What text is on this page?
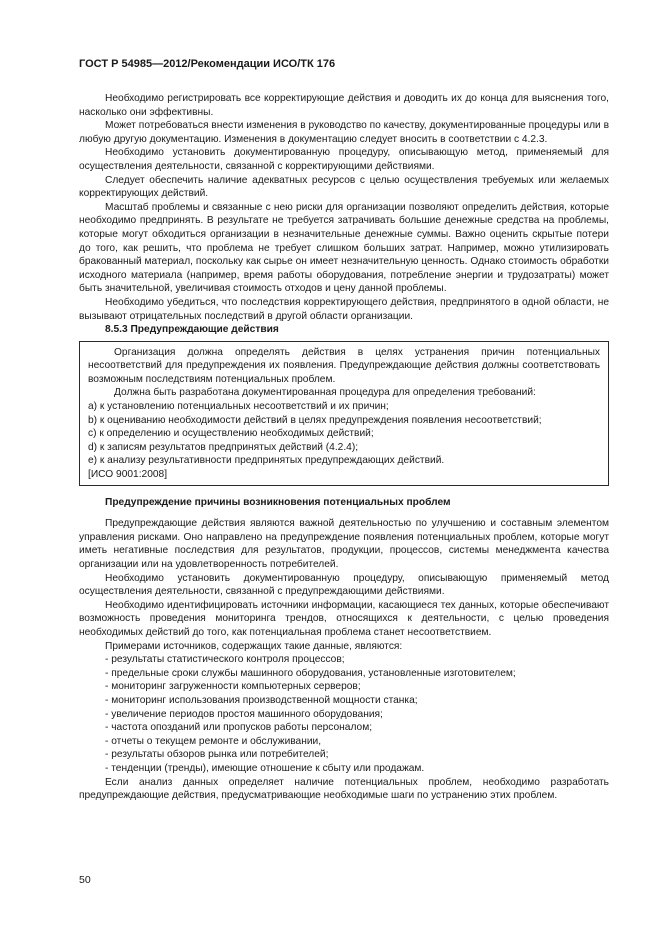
ГОСТ Р 54985—2012/Рекомендации ИСО/ТК 176

Необходимо регистрировать все корректирующие действия и доводить их до конца для выяснения того, насколько они эффективны.

Может потребоваться внести изменения в руководство по качеству, документированные процедуры или в любую другую документацию. Изменения в документацию следует вносить в соответствии с 4.2.3.

Необходимо установить документированную процедуру, описывающую метод, применяемый для осуществления деятельности, связанной с корректирующими действиями.

Следует обеспечить наличие адекватных ресурсов с целью осуществления требуемых или желаемых корректирующих действий.

Масштаб проблемы и связанные с нею риски для организации позволяют определить действия, которые необходимо предпринять. В результате не требуется затрачивать большие денежные средства на проблемы, которые могут обходиться организации в незначительные денежные суммы. Важно оценить скрытые потери до того, как решить, что проблема не требует слишком больших затрат. Например, можно утилизировать бракованный материал, поскольку как сырье он имеет незначительную ценность. Однако стоимость обработки исходного материала (например, время работы оборудования, потребление энергии и трудозатраты) может быть значительной, увеличивая стоимость отходов и цену данной проблемы.

Необходимо убедиться, что последствия корректирующего действия, предпринятого в одной области, не вызывают отрицательных последствий в другой области организации.

8.5.3 Предупреждающие действия

Организация должна определять действия в целях устранения причин потенциальных несоответствий для предупреждения их появления. Предупреждающие действия должны соответствовать возможным последствиям потенциальных проблем.

Должна быть разработана документированная процедура для определения требований:

а) к установлению потенциальных несоответствий и их причин;

b) к оцениванию необходимости действий в целях предупреждения появления несоответствий;

c) к определению и осуществлению необходимых действий;

d) к записям результатов предпринятых действий (4.2.4);

е) к анализу результативности предпринятых предупреждающих действий.

[ИСО 9001:2008]

Предупреждение причины возникновения потенциальных проблем

Предупреждающие действия являются важной деятельностью по улучшению и составным элементом управления рисками. Оно направлено на предупреждение появления потенциальных проблем, которые могут иметь негативные последствия для результатов, продукции, процессов, системы менеджмента качества организации или на удовлетворенность потребителей.

Необходимо установить документированную процедуру, описывающую применяемый метод осуществления деятельности, связанной с предупреждающими действиями.

Необходимо идентифицировать источники информации, касающиеся тех данных, которые обеспечивают возможность проведения мониторинга трендов, относящихся к деятельности, с целью проведения необходимых действий до того, как потенциальная проблема станет несоответствием.

Примерами источников, содержащих такие данные, являются:

- результаты статистического контроля процессов;

- предельные сроки службы машинного оборудования, установленные изготовителем;

- мониторинг загруженности компьютерных серверов;

- мониторинг использования производственной мощности станка;

- увеличение периодов простоя машинного оборудования;

- частота опозданий или пропусков работы персоналом;

- отчеты о текущем ремонте и обслуживании,

- результаты обзоров рынка или потребителей;

- тенденции (тренды), имеющие отношение к сбыту или продажам.

Если анализ данных определяет наличие потенциальных проблем, необходимо разработать предупреждающие действия, предусматривающие необходимые шаги по устранению этих проблем.

50
